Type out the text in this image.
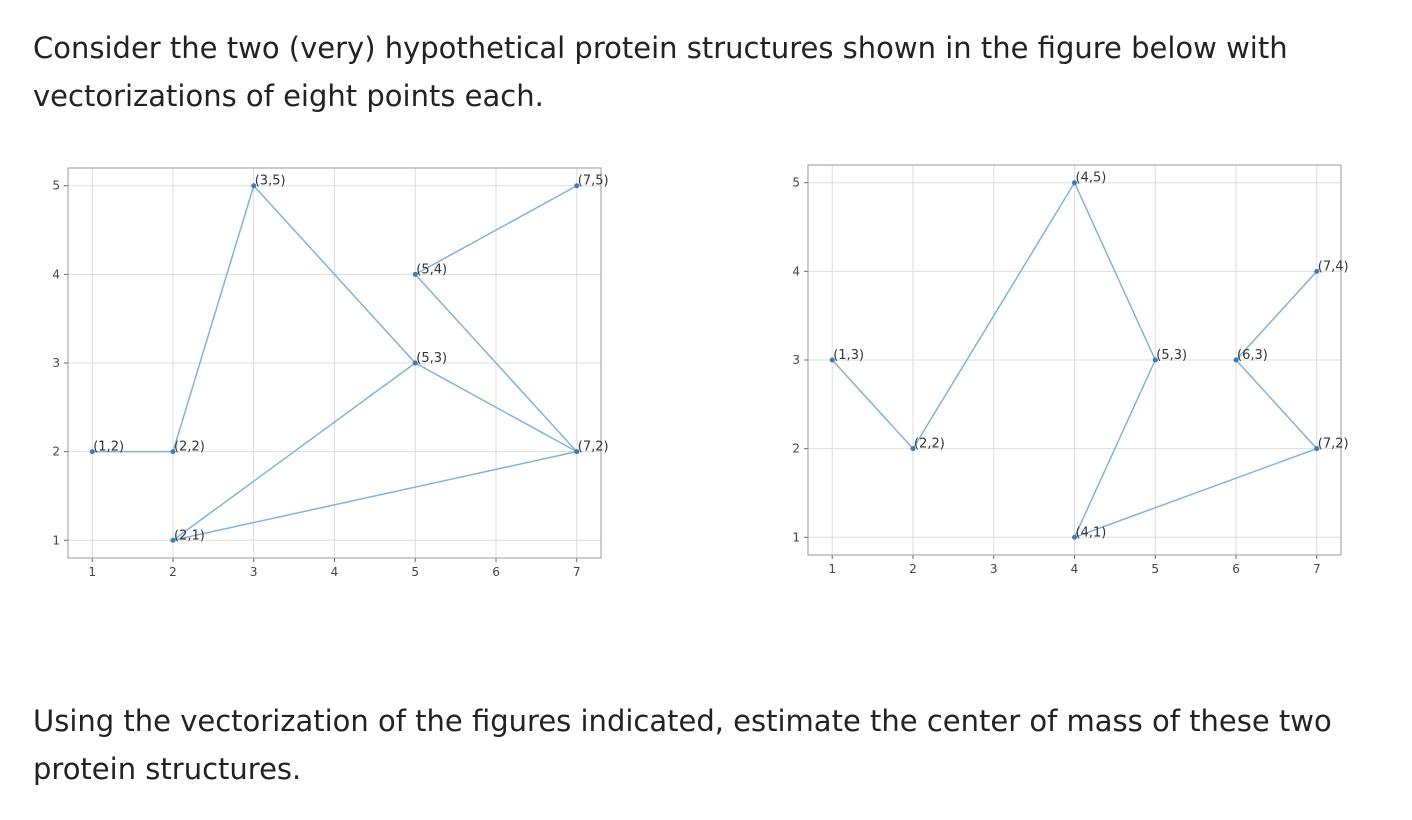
Consider the two (very) hypothetical protein structures shown in the figure below with vectorizations of eight points each.

1	2	3	4	5	6	7
1
2
3
4
5
(1,2)	(2,2)
(3,5)
(5,3)
(7,2)
(5,4)
(2,1)
(7,5)
1	2	3	4	5	6	7
1
2
3
4
5
(1,3)
(2,2)
(4,5)
(5,3)
(4,1)
(7,2)
(6,3)
(7,4)

Using the vectorization of the figures indicated, estimate the center of mass of these two protein structures.
